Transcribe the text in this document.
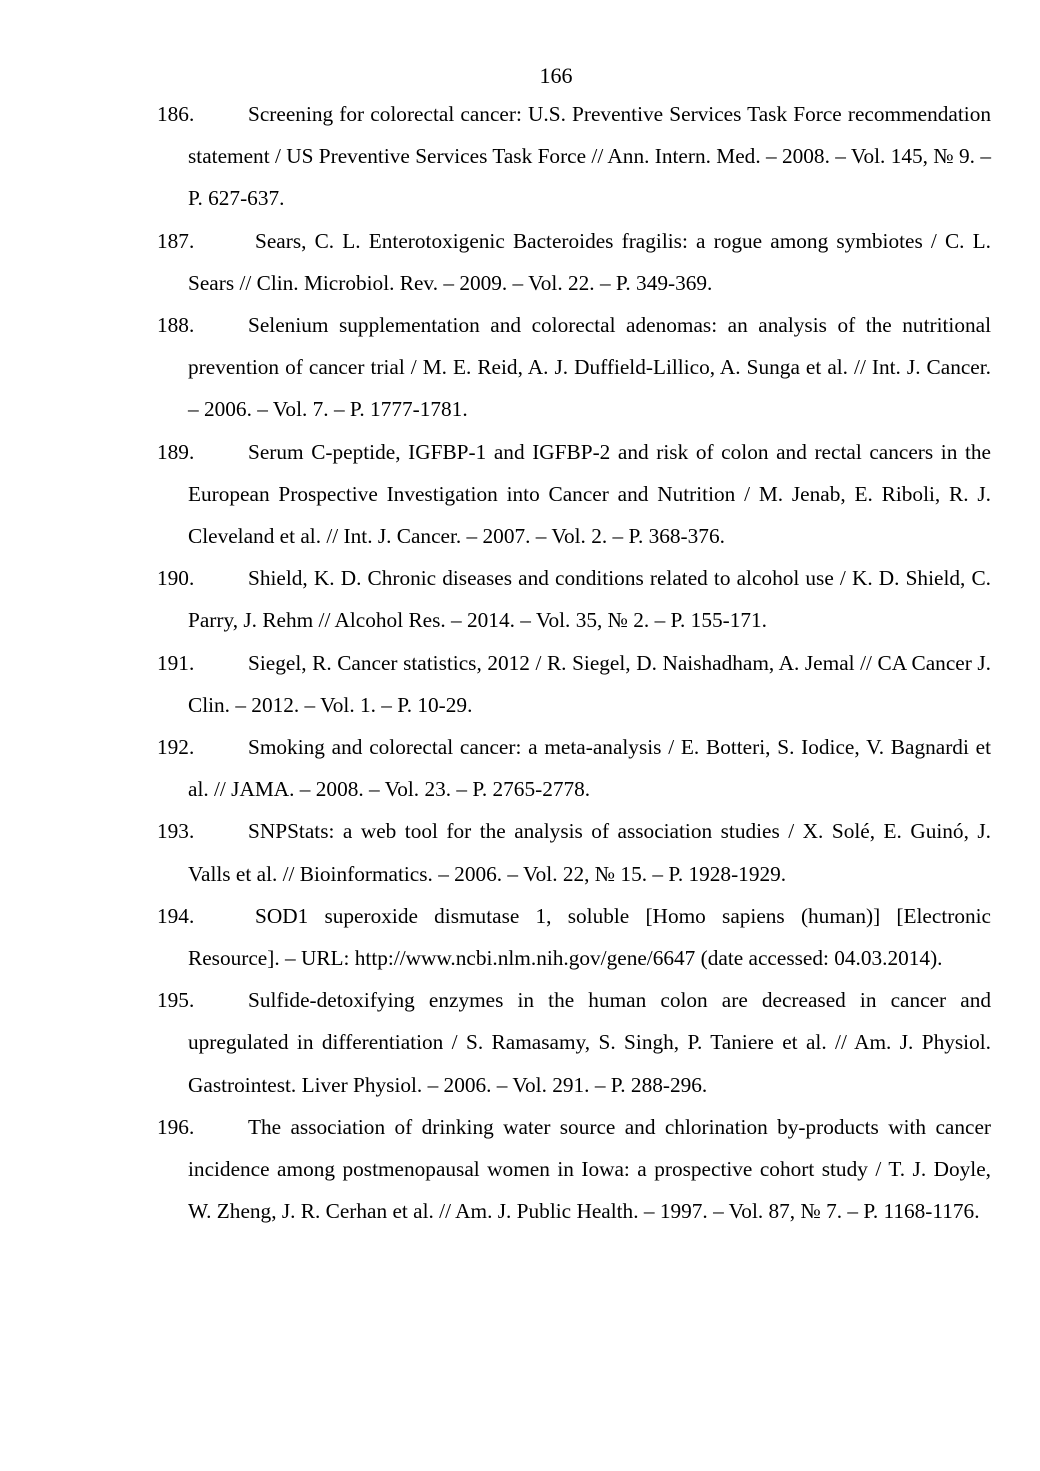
166
186.	Screening for colorectal cancer: U.S. Preventive Services Task Force recommendation statement / US Preventive Services Task Force // Ann. Intern. Med. – 2008. – Vol. 145, № 9. – P. 627-637.
187.	Sears, C. L. Enterotoxigenic Bacteroides fragilis: a rogue among symbiotes / C. L. Sears // Clin. Microbiol. Rev. – 2009. – Vol. 22. – P. 349-369.
188.	Selenium supplementation and colorectal adenomas: an analysis of the nutritional prevention of cancer trial / M. E. Reid, A. J. Duffield-Lillico, A. Sunga et al. // Int. J. Cancer. – 2006. – Vol. 7. – P. 1777-1781.
189.	Serum C-peptide, IGFBP-1 and IGFBP-2 and risk of colon and rectal cancers in the European Prospective Investigation into Cancer and Nutrition / M. Jenab, E. Riboli, R. J. Cleveland et al. // Int. J. Cancer. – 2007. – Vol. 2. – P. 368-376.
190.	Shield, K. D. Chronic diseases and conditions related to alcohol use / K. D. Shield, C. Parry, J. Rehm // Alcohol Res. – 2014. – Vol. 35, № 2. – P. 155-171.
191.	Siegel, R. Cancer statistics, 2012 / R. Siegel, D. Naishadham, A. Jemal // CA Cancer J. Clin. – 2012. – Vol. 1. – P. 10-29.
192.	Smoking and colorectal cancer: a meta-analysis / E. Botteri, S. Iodice, V. Bagnardi et al. // JAMA. – 2008. – Vol. 23. – P. 2765-2778.
193.	SNPStats: a web tool for the analysis of association studies / X. Solé, E. Guinó, J. Valls et al. // Bioinformatics. – 2006. – Vol. 22, № 15. – P. 1928-1929.
194.	SOD1 superoxide dismutase 1, soluble [Homo sapiens (human)] [Electronic Resource]. – URL: http://www.ncbi.nlm.nih.gov/gene/6647 (date accessed: 04.03.2014).
195.	Sulfide-detoxifying enzymes in the human colon are decreased in cancer and upregulated in differentiation / S. Ramasamy, S. Singh, P. Taniere et al. // Am. J. Physiol. Gastrointest. Liver Physiol. – 2006. – Vol. 291. – P. 288-296.
196.	The association of drinking water source and chlorination by-products with cancer incidence among postmenopausal women in Iowa: a prospective cohort study / T. J. Doyle, W. Zheng, J. R. Cerhan et al. // Am. J. Public Health. – 1997. – Vol. 87, № 7. – P. 1168-1176.
